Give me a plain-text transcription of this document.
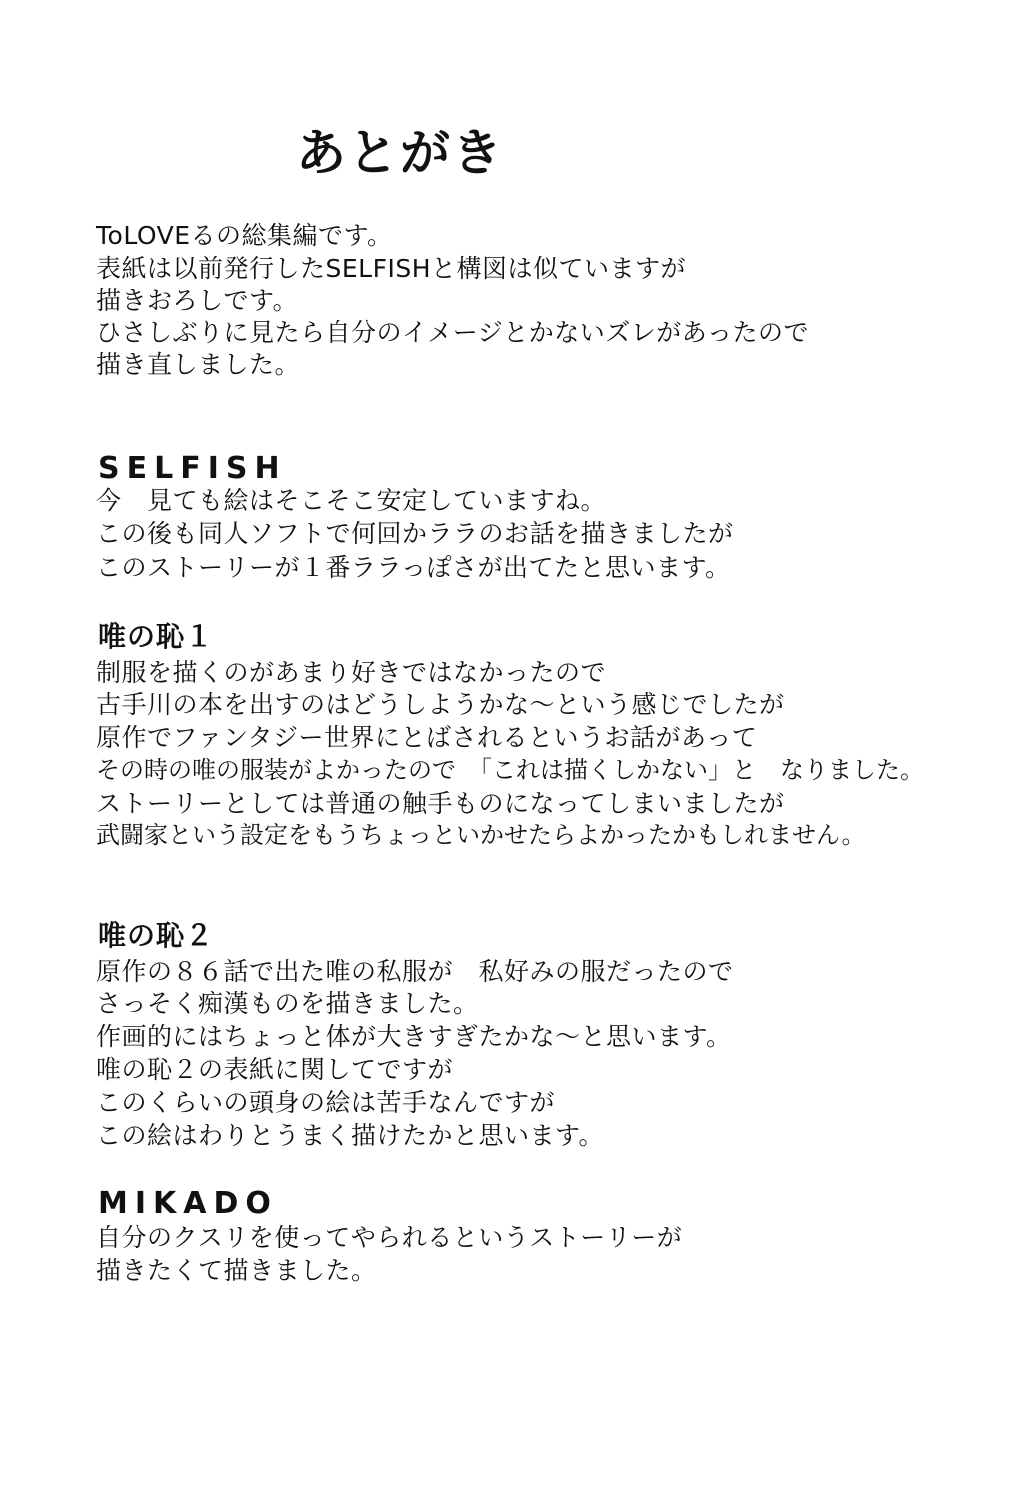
あとがき
ToLOVEるの総集編です。
表紙は以前発行したSELFISHと構図は似ていますが
描きおろしです。
ひさしぶりに見たら自分のイメージとかないズレがあったので
描き直しました。
SELFISH
今　見ても絵はそこそこ安定していますね。
この後も同人ソフトで何回かララのお話を描きましたが
このストーリーが１番ララっぽさが出てたと思います。
唯の恥１
制服を描くのがあまり好きではなかったので
古手川の本を出すのはどうしようかな～という感じでしたが
原作でファンタジー世界にとばされるというお話があって
その時の唯の服装がよかったので　「これは描くしかない」と　なりました。
ストーリーとしては普通の触手ものになってしまいましたが
武闘家という設定をもうちょっといかせたらよかったかもしれません。
唯の恥２
原作の８６話で出た唯の私服が　私好みの服だったので
さっそく痴漢ものを描きました。
作画的にはちょっと体が大きすぎたかな～と思います。
唯の恥２の表紙に関してですが
このくらいの頭身の絵は苦手なんですが
この絵はわりとうまく描けたかと思います。
MIKADO
自分のクスリを使ってやられるというストーリーが
描きたくて描きました。
